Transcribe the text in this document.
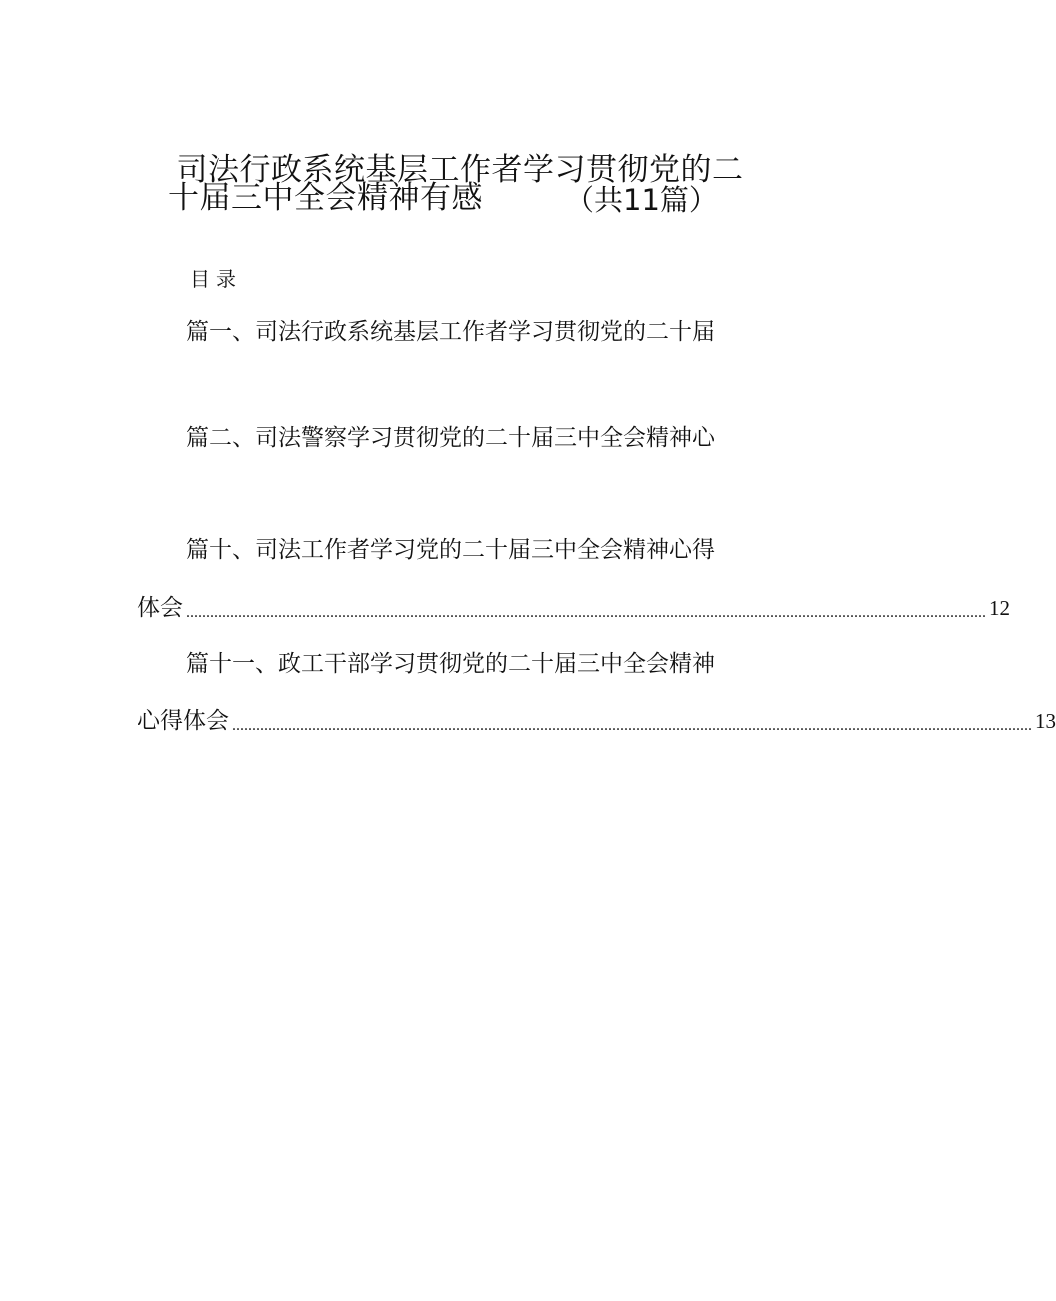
司法行政系统基层工作者学习贯彻党的二
十届三中全会精神有感	（共11篇）
目录
篇一、司法行政系统基层工作者学习贯彻党的二十届
篇二、司法警察学习贯彻党的二十届三中全会精神心
篇十、司法工作者学习党的二十届三中全会精神心得
体会 ........................................................................................................................................................................................................ 12
篇十一、政工干部学习贯彻党的二十届三中全会精神
心得体会 ........................................................................................................................................................................................................ 13
